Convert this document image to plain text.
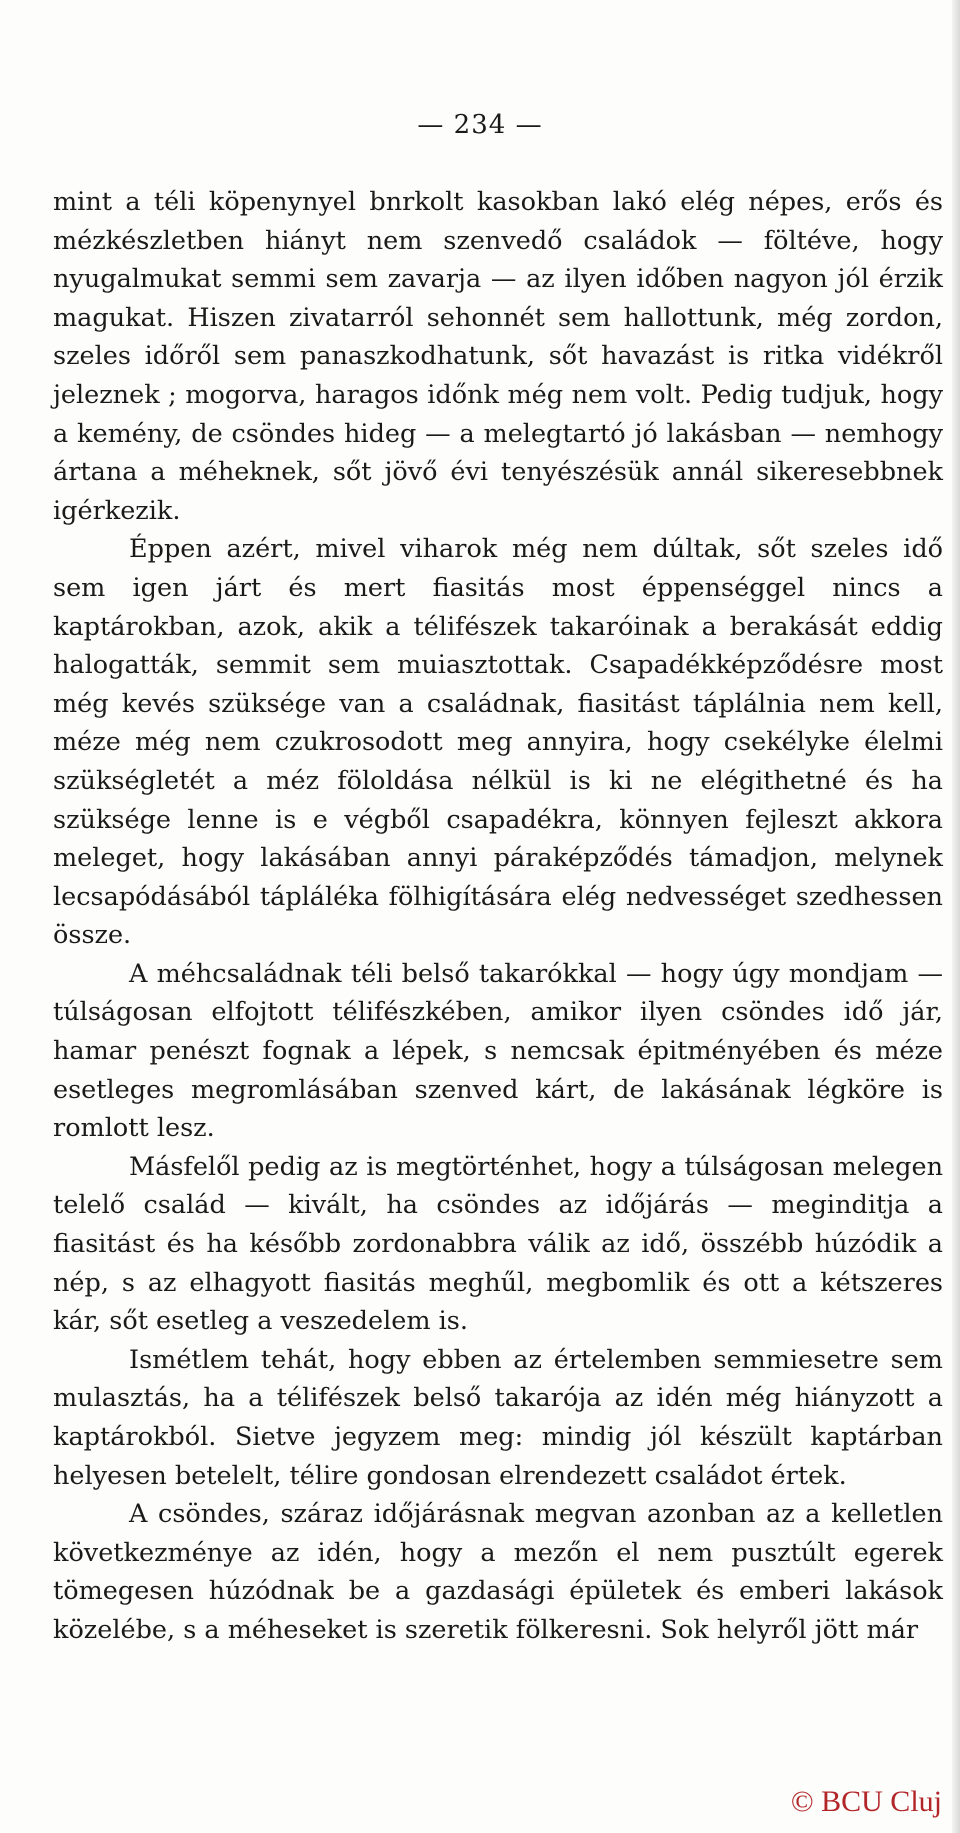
— 234 —

mint a téli köpenynyel bnrkolt kasokban lakó elég népes, erős és mézkészletben hiányt nem szenvedő családok — föltéve, hogy nyugalmukat semmi sem zavarja — az ilyen időben nagyon jól érzik magukat. Hiszen zivatarról sehonnét sem hallottunk, még zordon, szeles időről sem panaszkodhatunk, sőt havazást is ritka vidékről jeleznek ; mogorva, haragos időnk még nem volt. Pedig tudjuk, hogy a kemény, de csöndes hideg — a melegtartó jó lakásban — nemhogy ártana a méheknek, sőt jövő évi tenyészésük annál sikeresebbnek igérkezik.

Éppen azért, mivel viharok még nem dúltak, sőt szeles idő sem igen járt és mert fiasitás most éppenséggel nincs a kaptárokban, azok, akik a télifészek takaróinak a berakását eddig halogatták, semmit sem muiasztottak. Csapadékképződésre most még kevés szüksége van a családnak, fiasitást táplálnia nem kell, méze még nem czukrosodott meg annyira, hogy csekélyke élelmi szükségletét a méz föloldása nélkül is ki ne elégithetné és ha szüksége lenne is e végből csapadékra, könnyen fejleszt akkora meleget, hogy lakásában annyi páraképződés támadjon, melynek lecsapódásából tápláléka fölhigítására elég nedvességet szedhessen össze.

A méhcsaládnak téli belső takarókkal — hogy úgy mondjam — túlságosan elfojtott télifészkében, amikor ilyen csöndes idő jár, hamar penészt fognak a lépek, s nemcsak épitményében és méze esetleges megromlásában szenved kárt, de lakásának légköre is romlott lesz.

Másfelől pedig az is megtörténhet, hogy a túlságosan melegen telelő család — kivált, ha csöndes az időjárás — meginditja a fiasitást és ha később zordonabbra válik az idő, összébb húzódik a nép, s az elhagyott fiasitás meghűl, megbomlik és ott a kétszeres kár, sőt esetleg a veszedelem is.

Ismétlem tehát, hogy ebben az értelemben semmiesetre sem mulasztás, ha a télifészek belső takarója az idén még hiányzott a kaptárokból. Sietve jegyzem meg: mindig jól készült kaptárban helyesen betelelt, télire gondosan elrendezett családot értek.

A csöndes, száraz időjárásnak megvan azonban az a kelletlen következménye az idén, hogy a mezőn el nem pusztúlt egerek tömegesen húzódnak be a gazdasági épületek és emberi lakások közelébe, s a méheseket is szeretik fölkeresni. Sok helyről jött már

© BCU Cluj
